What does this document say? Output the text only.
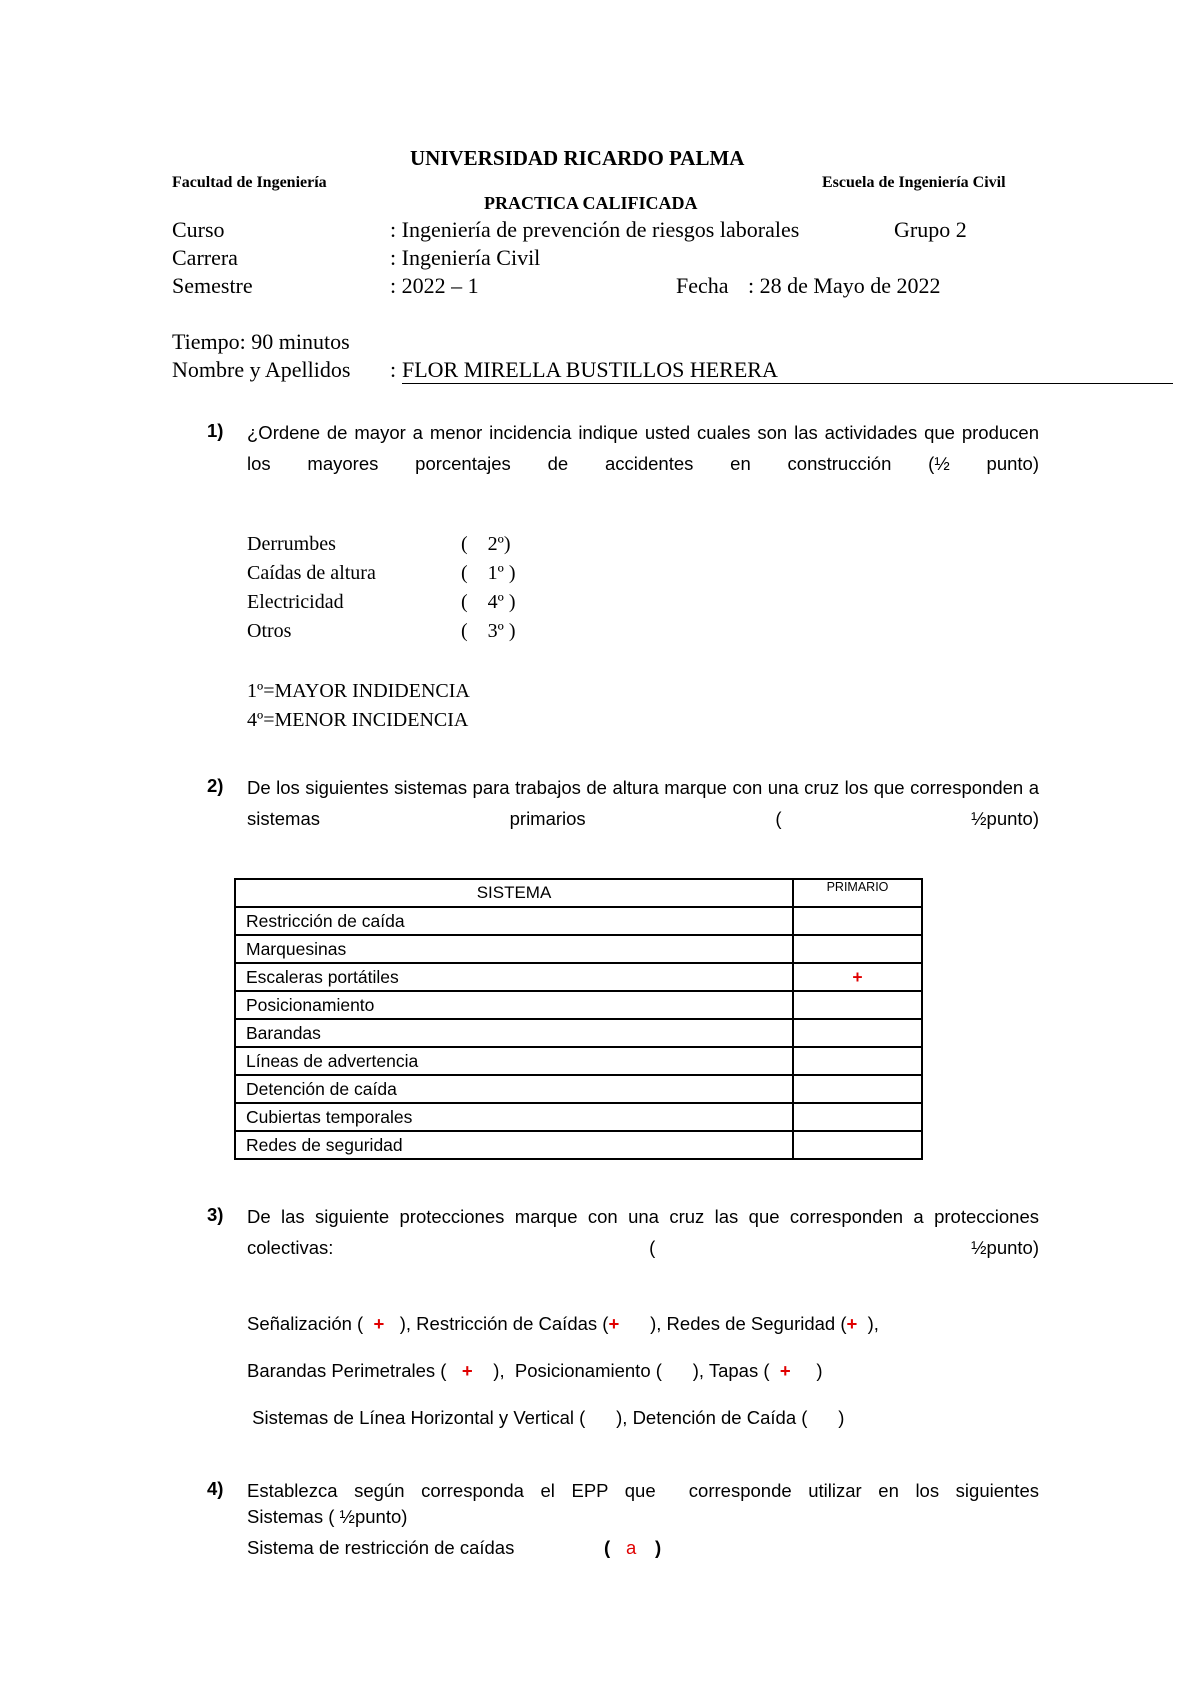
UNIVERSIDAD RICARDO PALMA
Facultad de Ingeniería	Escuela de Ingeniería Civil
PRACTICA CALIFICADA
Curso	: Ingeniería de prevención de riesgos laborales	Grupo 2
Carrera	: Ingeniería Civil
Semestre	: 2022 – 1	Fecha : 28 de Mayo de 2022
Tiempo: 90 minutos
Nombre y Apellidos : FLOR MIRELLA BUSTILLOS HERERA
1) ¿Ordene de mayor a menor incidencia indique usted cuales son las actividades que producen los mayores porcentajes de accidentes en construcción (½ punto)
Derrumbes	(    2º)
Caídas de altura	(    1º )
Electricidad	(    4º )
Otros	(    3º )
1º=MAYOR INDIDENCIA
4º=MENOR INCIDENCIA
2) De los siguientes sistemas para trabajos de altura marque con una cruz los que corresponden a sistemas primarios ( ½punto)
SISTEMA	PRIMARIO
Restricción de caída	
Marquesinas	
Escaleras portátiles	+
Posicionamiento	
Barandas	
Líneas de advertencia	
Detención de caída	
Cubiertas temporales	
Redes de seguridad	
3) De las siguiente protecciones marque con una cruz las que corresponden a protecciones colectivas: ( ½punto)
Señalización (  +   ), Restricción de Caídas (+      ), Redes de Seguridad (+  ),
Barandas Perimetrales (   +    ),  Posicionamiento (      ), Tapas (  +     )
Sistemas de Línea Horizontal y Vertical (      ), Detención de Caída (      )
4) Establezca según corresponda el EPP que  corresponde utilizar en los siguientes
Sistemas ( ½punto)
Sistema de restricción de caídas	( a )
